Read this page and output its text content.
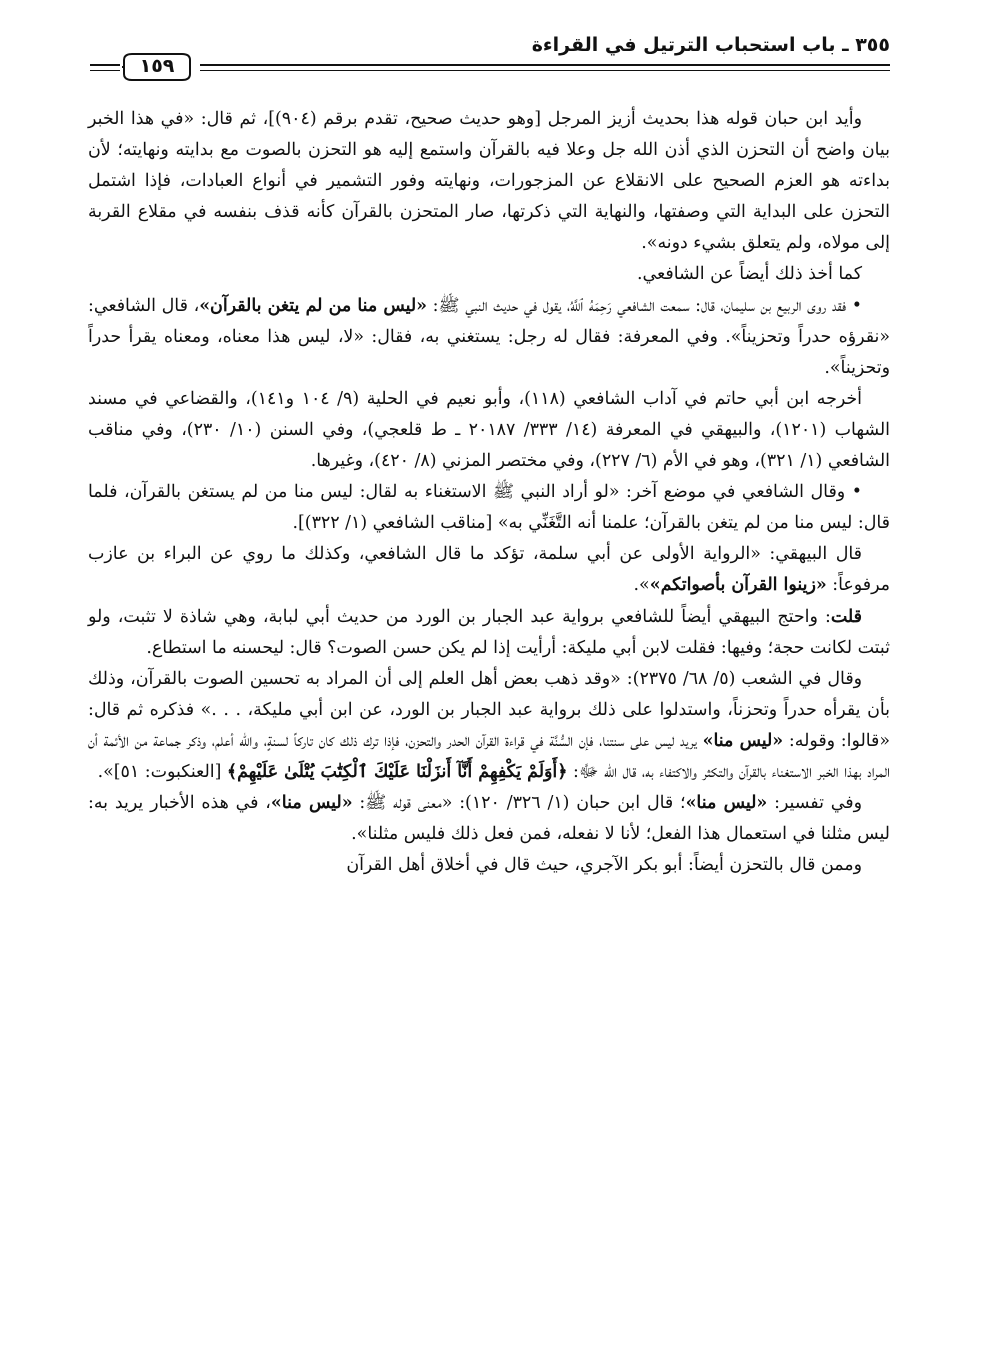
٣٥٥ ـ باب استحباب الترتيل في القراءة
١٥٩

وأيد ابن حبان قوله هذا بحديث أزيز المرجل [وهو حديث صحيح، تقدم برقم (٩٠٤)]، ثم قال: «في هذا الخبر بيان واضح أن التحزن الذي أذن الله جل وعلا فيه بالقرآن واستمع إليه هو التحزن بالصوت مع بدايته ونهايته؛ لأن بداءته هو العزم الصحيح على الانقلاع عن المزجورات، ونهايته وفور التشمير في أنواع العبادات، فإذا اشتمل التحزن على البداية التي وصفتها، والنهاية التي ذكرتها، صار المتحزن بالقرآن كأنه قذف بنفسه في مقلاع القربة إلى مولاه، ولم يتعلق بشيء دونه».

كما أخذ ذلك أيضاً عن الشافعي.

• فقد روى الربيع بن سليمان، قال: سمعت الشافعي رَحِمَهُ ٱللَّهُ، يقول في حديث النبي ﷺ: «ليس منا من لم يتغن بالقرآن»، قال الشافعي: «نقرؤه حدراً وتحزيناً». وفي المعرفة: فقال له رجل: يستغني به، فقال: «لا، ليس هذا معناه، ومعناه يقرأ حدراً وتحزيناً».

أخرجه ابن أبي حاتم في آداب الشافعي (١١٨)، وأبو نعيم في الحلية (٩/ ١٠٤ و١٤١)، والقضاعي في مسند الشهاب (١٢٠١)، والبيهقي في المعرفة (١٤/ ٣٣٣/ ٢٠١٨٧ ـ ط قلعجي)، وفي السنن (١٠/ ٢٣٠)، وفي مناقب الشافعي (١/ ٣٢١)، وهو في الأم (٦/ ٢٢٧)، وفي مختصر المزني (٨/ ٤٢٠)، وغيرها.

• وقال الشافعي في موضع آخر: «لو أراد النبي ﷺ الاستغناء به لقال: ليس منا من لم يستغن بالقرآن، فلما قال: ليس منا من لم يتغن بالقرآن؛ علمنا أنه التَّغَنِّي به» [مناقب الشافعي (١/ ٣٢٢)].

قال البيهقي: «الرواية الأولى عن أبي سلمة، تؤكد ما قال الشافعي، وكذلك ما روي عن البراء بن عازب مرفوعاً: «زينوا القرآن بأصواتكم»».

قلت: واحتج البيهقي أيضاً للشافعي برواية عبد الجبار بن الورد من حديث أبي لبابة، وهي شاذة لا تثبت، ولو ثبتت لكانت حجة؛ وفيها: فقلت لابن أبي مليكة: أرأيت إذا لم يكن حسن الصوت؟ قال: ليحسنه ما استطاع.

وقال في الشعب (٥/ ٦٨/ ٢٣٧٥): «وقد ذهب بعض أهل العلم إلى أن المراد به تحسين الصوت بالقرآن، وذلك بأن يقرأه حدراً وتحزناً، واستدلوا على ذلك برواية عبد الجبار بن الورد، عن ابن أبي مليكة، . . .» فذكره ثم قال: «قالوا: وقوله: «ليس منا» يريد ليس على سنتنا، فإن السُّنَّة في قراءة القرآن الحدر والتحزن، فإذا ترك ذلك كان تاركاً لسنةٍ، والله أعلم، وذكر جماعة من الأئمة أن المراد بهذا الخبر الاستغناء بالقرآن والتكثر والاكتفاء به، قال الله ﷻ: ﴿أَوَلَمْ يَكْفِهِمْ أَنَّآ أَنزَلْنَا عَلَيْكَ ٱلْكِتَٰبَ يُتْلَىٰ عَلَيْهِمْ﴾ [العنكبوت: ٥١]».

وفي تفسير: «ليس منا»؛ قال ابن حبان (١/ ٣٢٦/ ١٢٠): «معنى قوله ﷺ: «ليس منا»، في هذه الأخبار يريد به: ليس مثلنا في استعمال هذا الفعل؛ لأنا لا نفعله، فمن فعل ذلك فليس مثلنا».

وممن قال بالتحزن أيضاً: أبو بكر الآجري، حيث قال في أخلاق أهل القرآن
